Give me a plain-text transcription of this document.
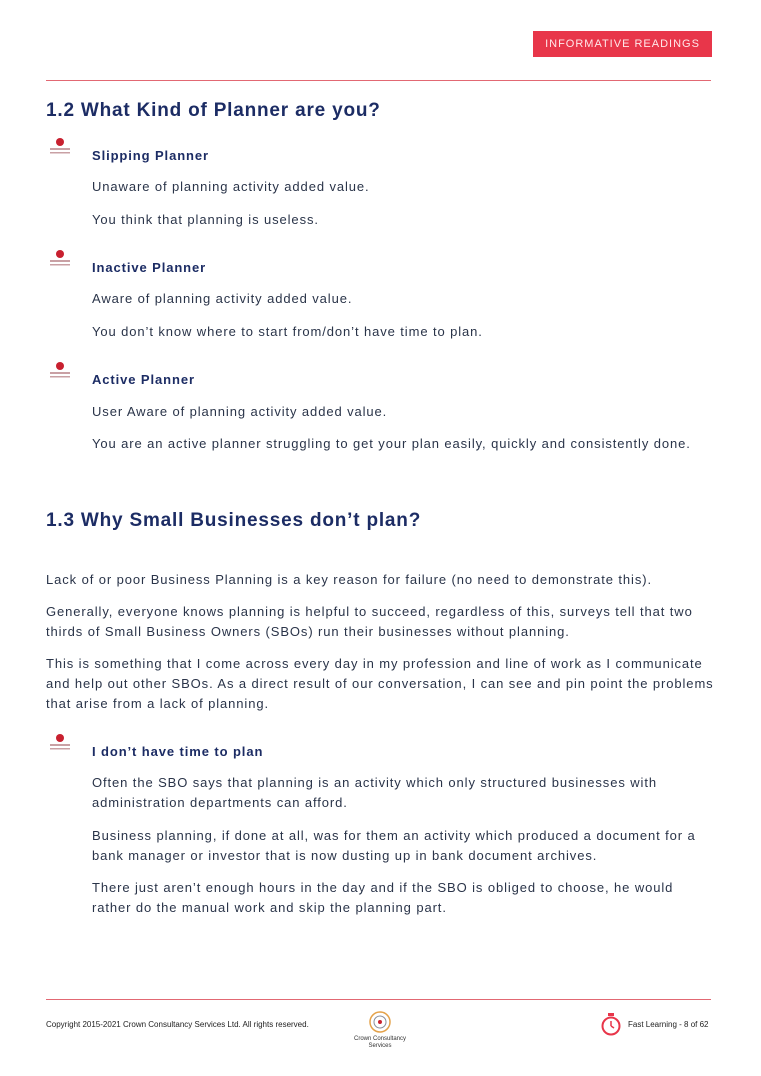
INFORMATIVE READINGS
1.2 What Kind of Planner are you?

Slipping Planner

Unaware of planning activity added value.

You think that planning is useless.

Inactive Planner

Aware of planning activity added value.

You don’t know where to start from/don’t have time to plan.

Active Planner

User Aware of planning activity added value.

You are an active planner struggling to get your plan easily, quickly and consistently done.

1.3 Why Small Businesses don’t plan?

Lack of or poor Business Planning is a key reason for failure (no need to demonstrate this).

Generally, everyone knows planning is helpful to succeed, regardless of this, surveys tell that two thirds of Small Business Owners (SBOs) run their businesses without planning.

This is something that I come across every day in my profession and line of work as I communicate and help out other SBOs. As a direct result of our conversation, I can see and pin point the problems that arise from a lack of planning.

I don’t have time to plan

Often the SBO says that planning is an activity which only structured businesses with administration departments can afford.

Business planning, if done at all, was for them an activity which produced a document for a bank manager or investor that is now dusting up in bank document archives.

There just aren’t enough hours in the day and if the SBO is obliged to choose, he would rather do the manual work and skip the planning part.

Copyright 2015-2021 Crown Consultancy Services Ltd. All rights reserved.
Crown Consultancy Services
Fast Learning - 8 of 62
